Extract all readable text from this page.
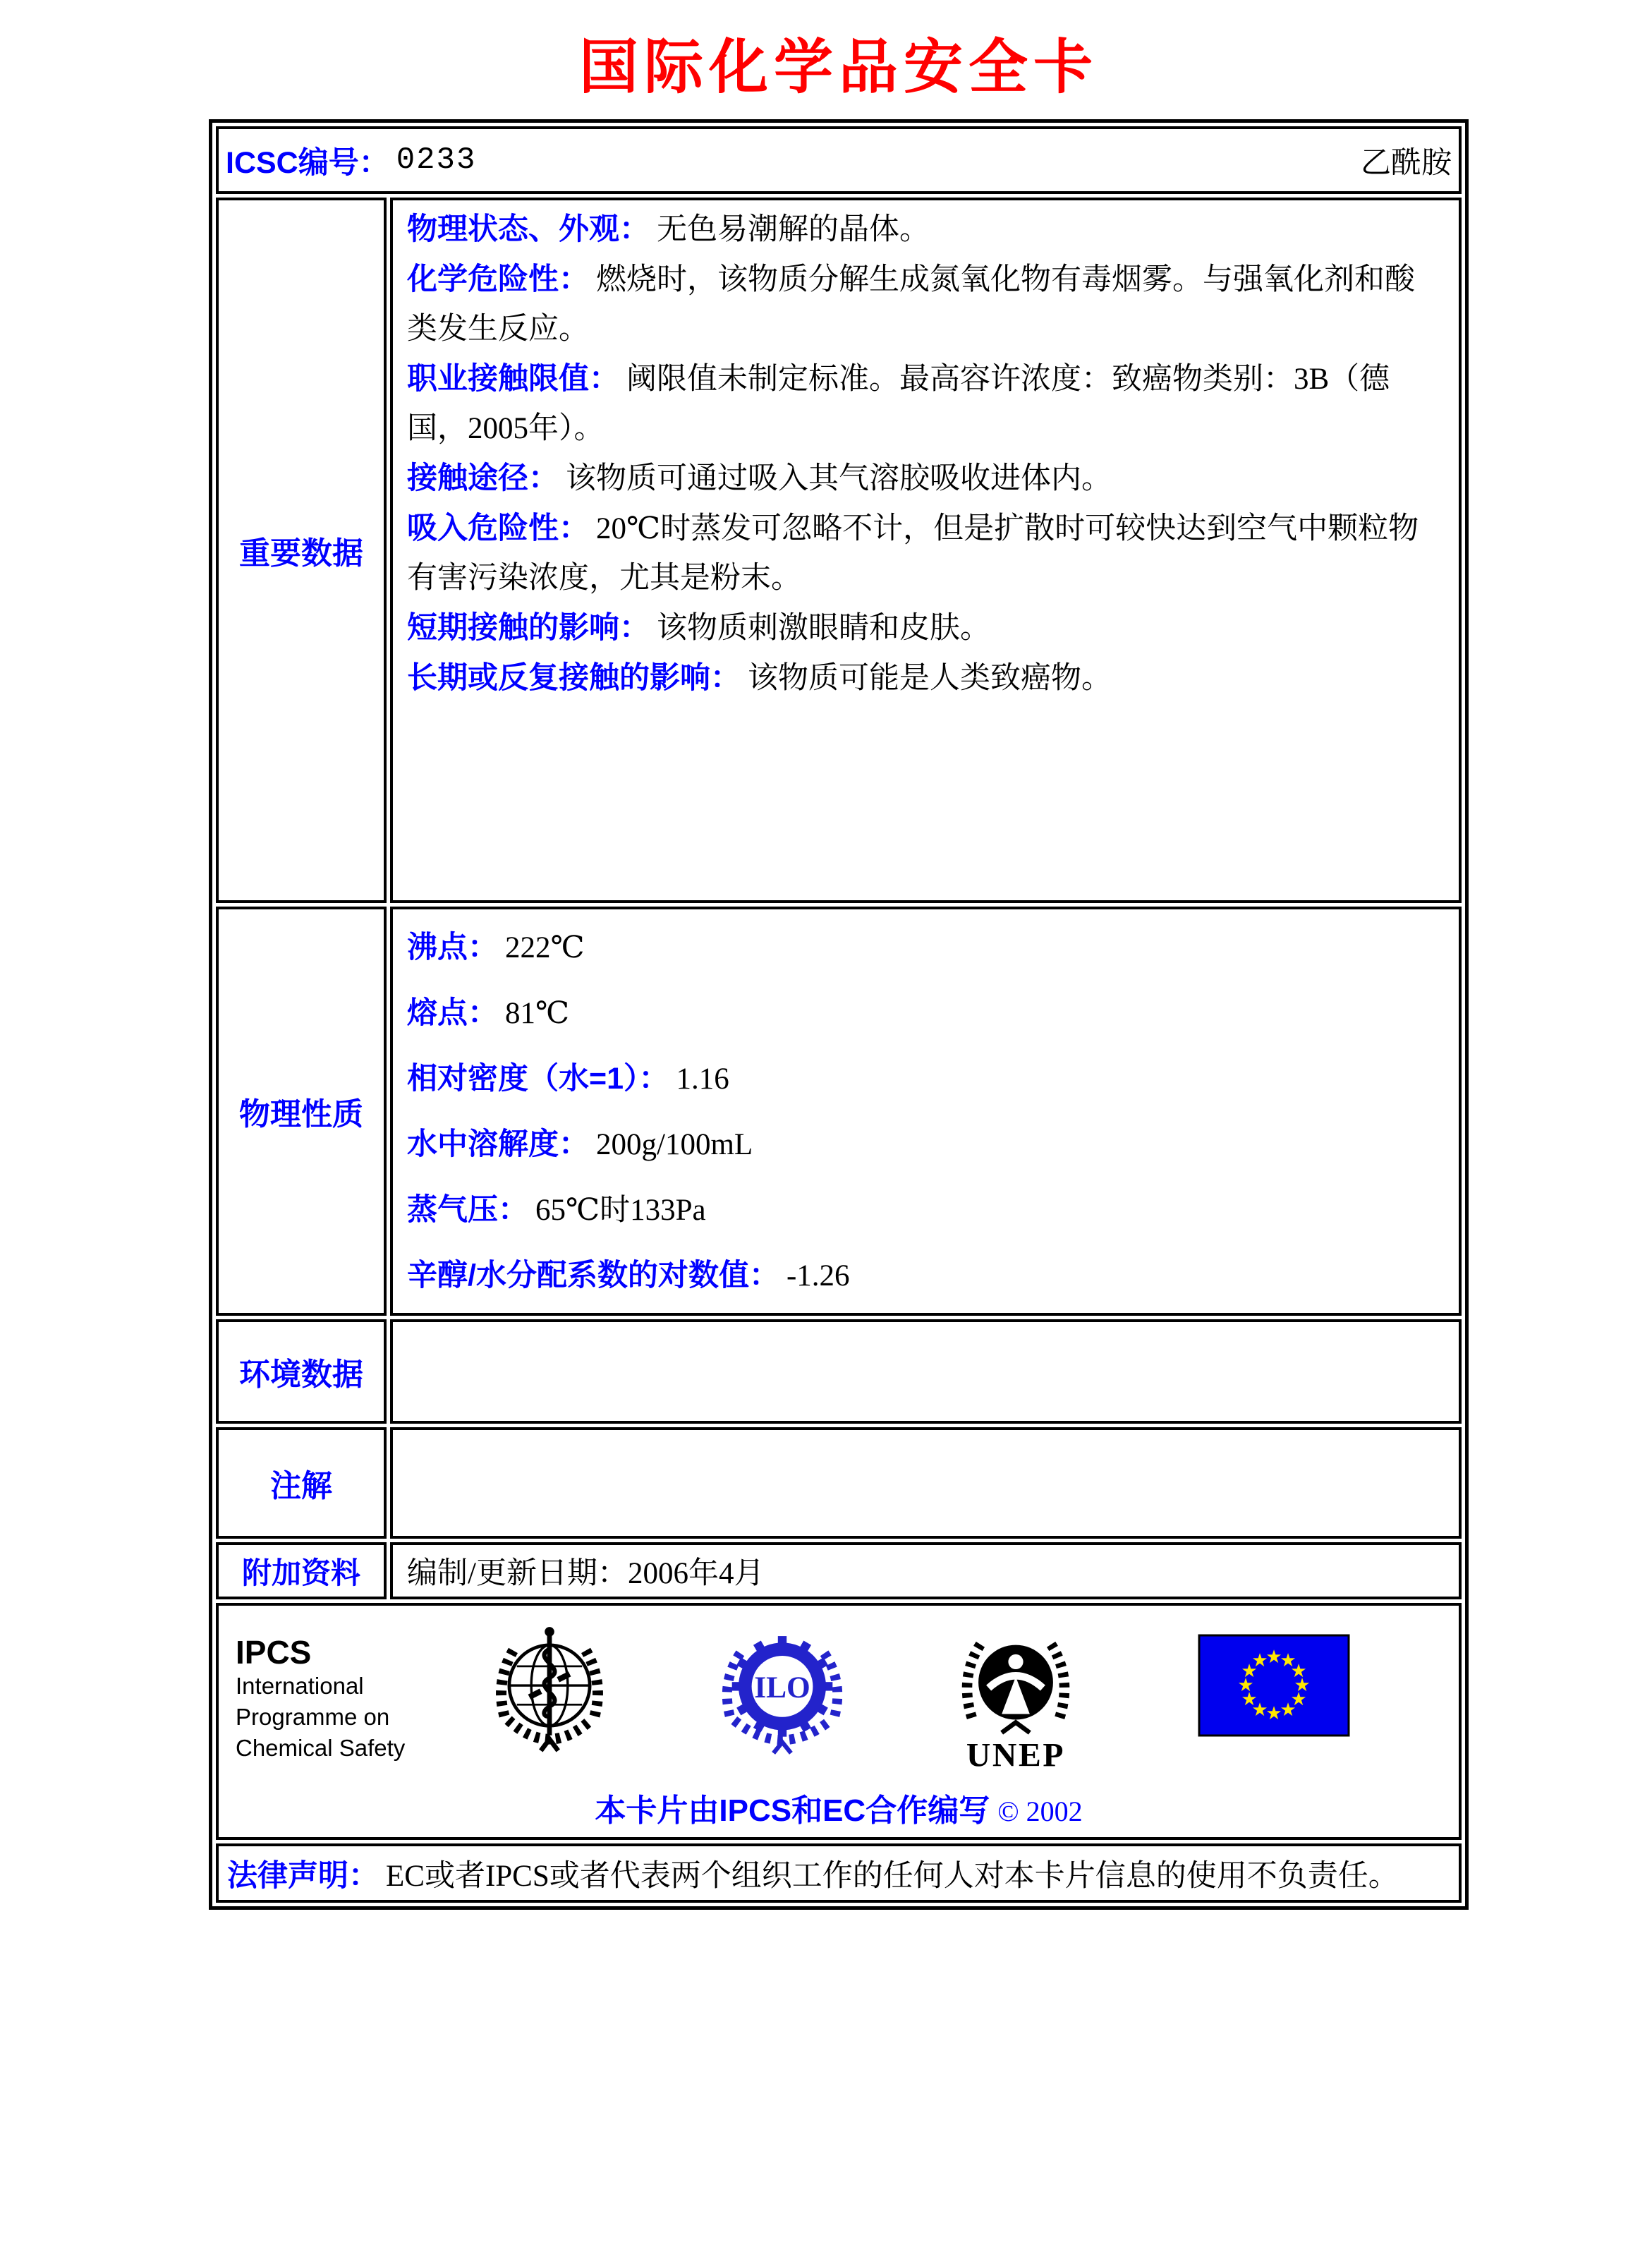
国际化学品安全卡
ICSC编号： 0233	乙酰胺
重要数据

物理状态、外观： 无色易潮解的晶体。

化学危险性： 燃烧时，该物质分解生成氮氧化物有毒烟雾。与强氧化剂和酸类发生反应。

职业接触限值： 阈限值未制定标准。最高容许浓度：致癌物类别：3B（德国，2005年）。

接触途径： 该物质可通过吸入其气溶胶吸收进体内。

吸入危险性： 20℃时蒸发可忽略不计，但是扩散时可较快达到空气中颗粒物有害污染浓度，尤其是粉末。

短期接触的影响： 该物质刺激眼睛和皮肤。

长期或反复接触的影响： 该物质可能是人类致癌物。

物理性质

沸点： 222℃

熔点： 81℃

相对密度（水=1）： 1.16

水中溶解度： 200g/100mL

蒸气压： 65℃时133Pa

辛醇/水分配系数的对数值： -1.26

环境数据
注解
附加资料	编制/更新日期： 2006年4月
IPCS
International
Programme on
Chemical Safety
ILO
UNEP
★
★
★
★
★
★
★
★
★
★
★
★
本卡片由IPCS和EC合作编写 © 2002
法律声明： EC或者IPCS或者代表两个组织工作的任何人对本卡片信息的使用不负责任。
